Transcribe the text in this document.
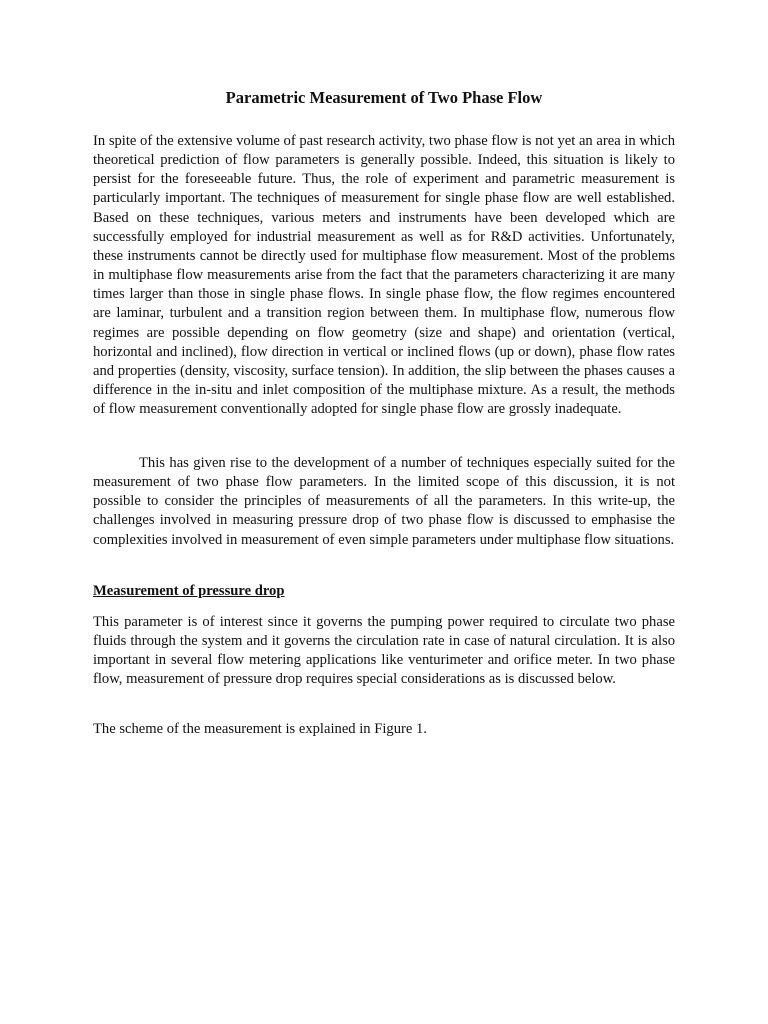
Parametric Measurement of Two Phase Flow

In spite of the extensive volume of past research activity, two phase flow is not yet an area in which theoretical prediction of flow parameters is generally possible. Indeed, this situation is likely to persist for the foreseeable future. Thus, the role of experiment and parametric measurement is particularly important. The techniques of measurement for single phase flow are well established. Based on these techniques, various meters and instruments have been developed which are successfully employed for industrial measurement as well as for R&D activities. Unfortunately, these instruments cannot be directly used for multiphase flow measurement. Most of the problems in multiphase flow measurements arise from the fact that the parameters characterizing it are many times larger than those in single phase flows. In single phase flow, the flow regimes encountered are laminar, turbulent and a transition region between them. In multiphase flow, numerous flow regimes are possible depending on flow geometry (size and shape) and orientation (vertical, horizontal and inclined), flow direction in vertical or inclined flows (up or down), phase flow rates and properties (density, viscosity, surface tension). In addition, the slip between the phases causes a difference in the in-situ and inlet composition of the multiphase mixture. As a result, the methods of flow measurement conventionally adopted for single phase flow are grossly inadequate.

This has given rise to the development of a number of techniques especially suited for the measurement of two phase flow parameters. In the limited scope of this discussion, it is not possible to consider the principles of measurements of all the parameters. In this write-up, the challenges involved in measuring pressure drop of two phase flow is discussed to emphasise the complexities involved in measurement of even simple parameters under multiphase flow situations.

Measurement of pressure drop

This parameter is of interest since it governs the pumping power required to circulate two phase fluids through the system and it governs the circulation rate in case of natural circulation. It is also important in several flow metering applications like venturimeter and orifice meter. In two phase flow, measurement of pressure drop requires special considerations as is discussed below.

The scheme of the measurement is explained in Figure 1.
